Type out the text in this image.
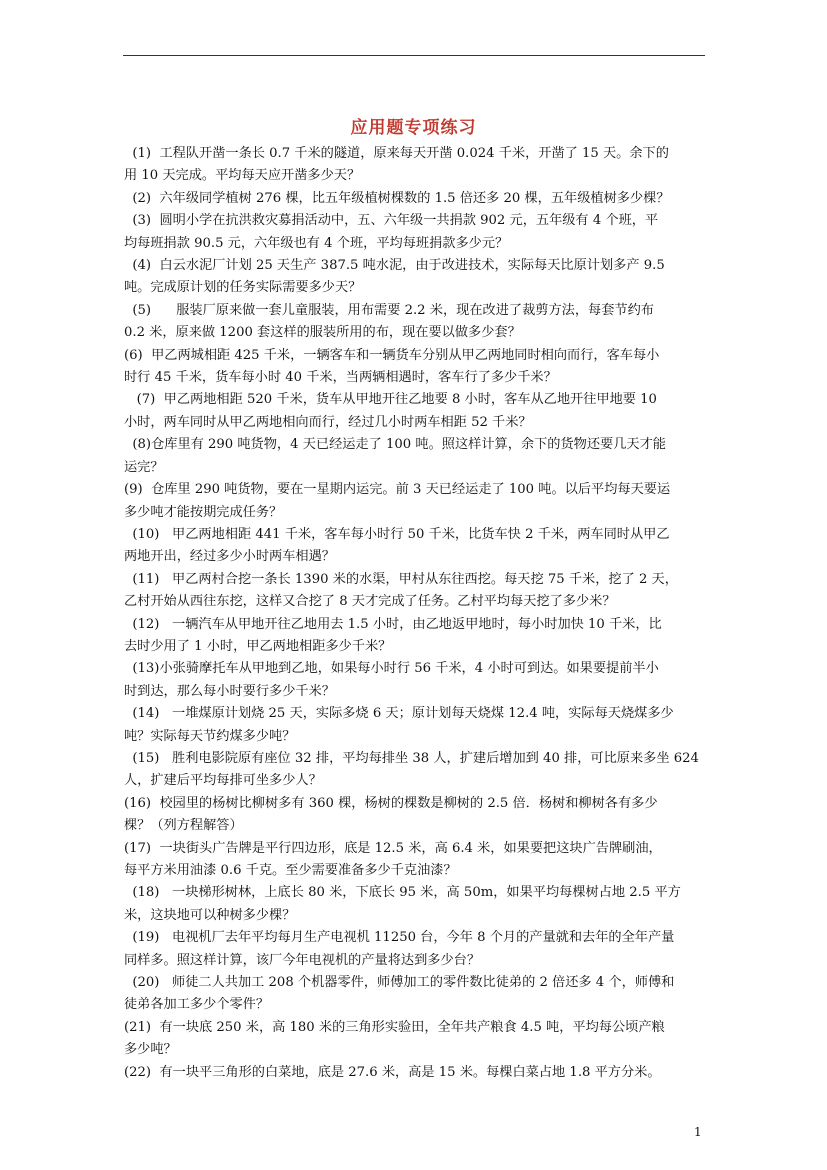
应用题专项练习
(1)  工程队开凿一条长 0.7 千米的隧道，原来每天开凿 0.024 千米，开凿了 15 天。余下的
用 10 天完成。平均每天应开凿多少天？
(2)  六年级同学植树 276 棵，比五年级植树棵数的 1.5 倍还多 20 棵，五年级植树多少棵？
(3)  圆明小学在抗洪救灾募捐活动中，五、六年级一共捐款 902 元，五年级有 4 个班，平
均每班捐款 90.5 元，六年级也有 4 个班，平均每班捐款多少元？
(4)  白云水泥厂计划 25 天生产 387.5 吨水泥，由于改进技术，实际每天比原计划多产 9.5
吨。完成原计划的任务实际需要多少天？
(5)      服装厂原来做一套儿童服装，用布需要 2.2 米，现在改进了裁剪方法，每套节约布
0.2 米，原来做 1200 套这样的服装所用的布，现在要以做多少套？
(6)  甲乙两城相距 425 千米，一辆客车和一辆货车分别从甲乙两地同时相向而行，客车每小
时行 45 千米，货车每小时 40 千米，当两辆相遇时，客车行了多少千米？
(7)  甲乙两地相距 520 千米，货车从甲地开往乙地要 8 小时，客车从乙地开往甲地要 10
小时，两车同时从甲乙两地相向而行，经过几小时两车相距 52 千米？
(8)仓库里有 290 吨货物，4 天已经运走了 100 吨。照这样计算，余下的货物还要几天才能
运完？
(9)  仓库里 290 吨货物，要在一星期内运完。前 3 天已经运走了 100 吨。以后平均每天要运
多少吨才能按期完成任务？
(10)   甲乙两地相距 441 千米，客车每小时行 50 千米，比货车快 2 千米，两车同时从甲乙
两地开出，经过多少小时两车相遇？
(11)   甲乙两村合挖一条长 1390 米的水渠，甲村从东往西挖。每天挖 75 千米，挖了 2 天，
乙村开始从西往东挖，这样又合挖了 8 天才完成了任务。乙村平均每天挖了多少米？
(12)   一辆汽车从甲地开往乙地用去 1.5 小时，由乙地返甲地时，每小时加快 10 千米，比
去时少用了 1 小时，甲乙两地相距多少千米？
(13)小张骑摩托车从甲地到乙地，如果每小时行 56 千米，4 小时可到达。如果要提前半小
时到达，那么每小时要行多少千米？
(14)   一堆煤原计划烧 25 天，实际多烧 6 天；原计划每天烧煤 12.4 吨，实际每天烧煤多少
吨？实际每天节约煤多少吨？
(15)   胜利电影院原有座位 32 排，平均每排坐 38 人，扩建后增加到 40 排，可比原来多坐 624
人，扩建后平均每排可坐多少人？
(16)  校园里的杨树比柳树多有 360 棵，杨树的棵数是柳树的 2.5 倍．杨树和柳树各有多少
棵？（列方程解答）
(17)  一块街头广告牌是平行四边形，底是 12.5 米，高 6.4 米，如果要把这块广告牌刷油，
每平方米用油漆 0.6 千克。至少需要准备多少千克油漆？
(18)   一块梯形树林，上底长 80 米，下底长 95 米，高 50m，如果平均每棵树占地 2.5 平方
米，这块地可以种树多少棵？
(19)   电视机厂去年平均每月生产电视机 11250 台，今年 8 个月的产量就和去年的全年产量
同样多。照这样计算，该厂今年电视机的产量将达到多少台？
(20)   师徒二人共加工 208 个机器零件，师傅加工的零件数比徒弟的 2 倍还多 4 个，师傅和
徒弟各加工多少个零件？
(21)  有一块底 250 米，高 180 米的三角形实验田，全年共产粮食 4.5 吨，平均每公顷产粮
多少吨？
(22)  有一块平三角形的白菜地，底是 27.6 米，高是 15 米。每棵白菜占地 1.8 平方分米。
1
